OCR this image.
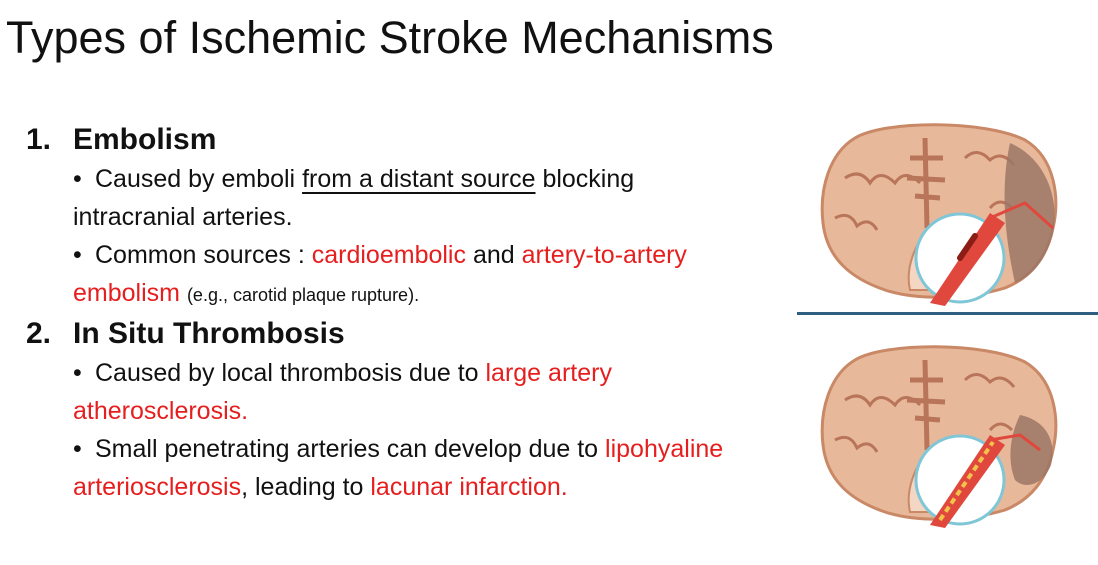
Types of Ischemic Stroke Mechanisms
1. Embolism
• Caused by emboli from a distant source blocking intracranial arteries.
• Common sources : cardioembolic and artery-to-artery embolism (e.g., carotid plaque rupture).
2. In Situ Thrombosis
• Caused by local thrombosis due to large artery atherosclerosis.
• Small penetrating arteries can develop due to lipohyaline arteriosclerosis, leading to lacunar infarction.
